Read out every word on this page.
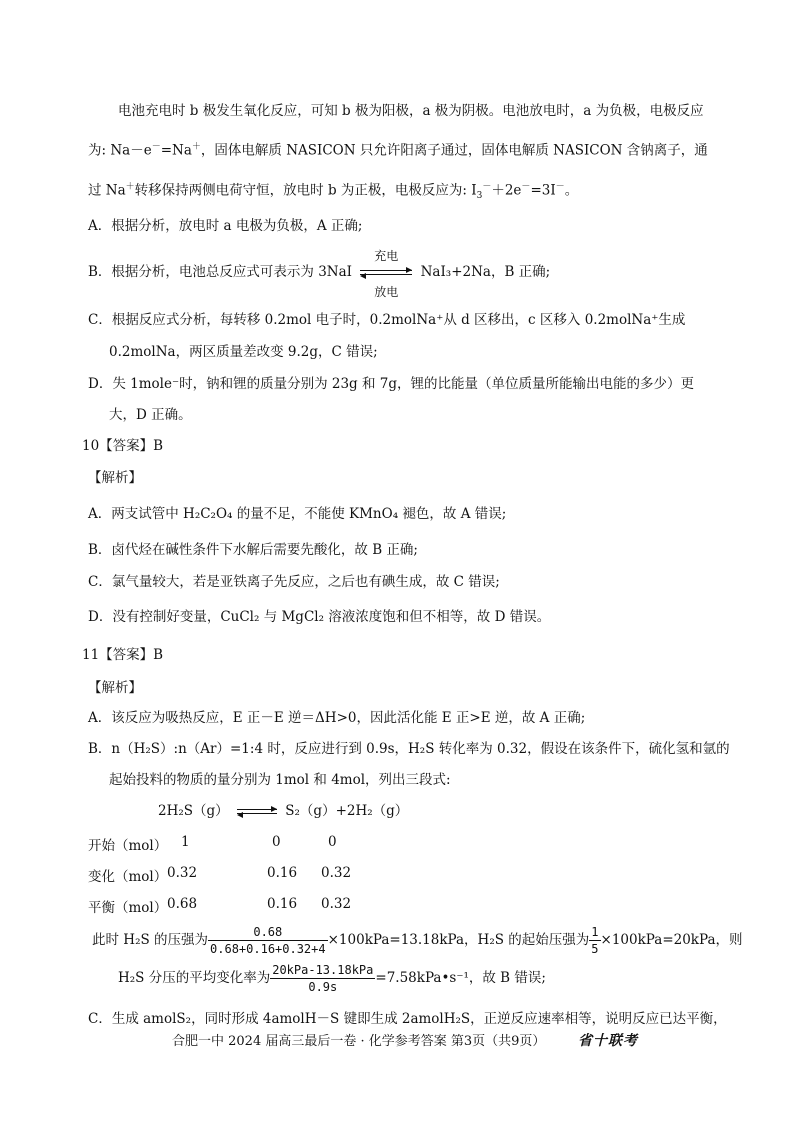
电池充电时 b 极发生氧化反应，可知 b 极为阳极，a 极为阴极。电池放电时，a 为负极，电极反应
为: Na－e－=Na＋，固体电解质 NASICON 只允许阳离子通过，固体电解质 NASICON 含钠离子，通
过 Na＋转移保持两侧电荷守恒，放电时 b 为正极，电极反应为: $I_3^-+2e^-=3I^-$。
A．根据分析，放电时 a 电极为负极，A 正确;
B．根据分析，电池总反应式可表示为 3NaI
充电
放电
NaI₃+2Na，B 正确;
C．根据反应式分析，每转移 0.2mol 电子时，0.2molNa⁺从 d 区移出，c 区移入 0.2molNa⁺生成
0.2molNa，两区质量差改变 9.2g，C 错误;
D．失 1mole⁻时，钠和锂的质量分别为 23g 和 7g，锂的比能量（单位质量所能输出电能的多少）更
大，D 正确。
10【答案】B
【解析】
A．两支试管中 H₂C₂O₄ 的量不足，不能使 KMnO₄ 褪色，故 A 错误;
B．卤代烃在碱性条件下水解后需要先酸化，故 B 正确;
C．氯气量较大，若是亚铁离子先反应，之后也有碘生成，故 C 错误;
D．没有控制好变量，CuCl₂ 与 MgCl₂ 溶液浓度饱和但不相等，故 D 错误。
11【答案】B
【解析】
A．该反应为吸热反应，E 正－E 逆＝ΔH>0，因此活化能 E 正>E 逆，故 A 正确;
B．n（H₂S）:n（Ar）=1:4 时，反应进行到 0.9s，H₂S 转化率为 0.32，假设在该条件下，硫化氢和氩的
起始投料的物质的量分别为 1mol 和 4mol，列出三段式:
2H₂S（g）	S₂（g）+2H₂（g）
开始（mol） 1	0	0
变化（mol） 0.32	0.16 0.32
平衡（mol） 0.68	0.16 0.32
此时 H₂S 的压强为 $\frac{0.68}{0.68+0.16+0.32+4} \times 100kPa=13.18kPa$，H₂S 的起始压强为 $\frac{1}{5} \times 100kPa=20kPa$，则
H₂S 分压的平均变化率为 $\frac{\text{20kPa-13.18kPa}}{0.9s}$ =7.58kPa•s⁻¹，故 B 错误;
C．生成 amolS₂，同时形成 4amolH－S 键即生成 2amolH₂S，正逆反应速率相等，说明反应已达平衡，
合肥一中 2024 届高三最后一卷 · 化学参考答案 第3页（共9页） 省十联考
